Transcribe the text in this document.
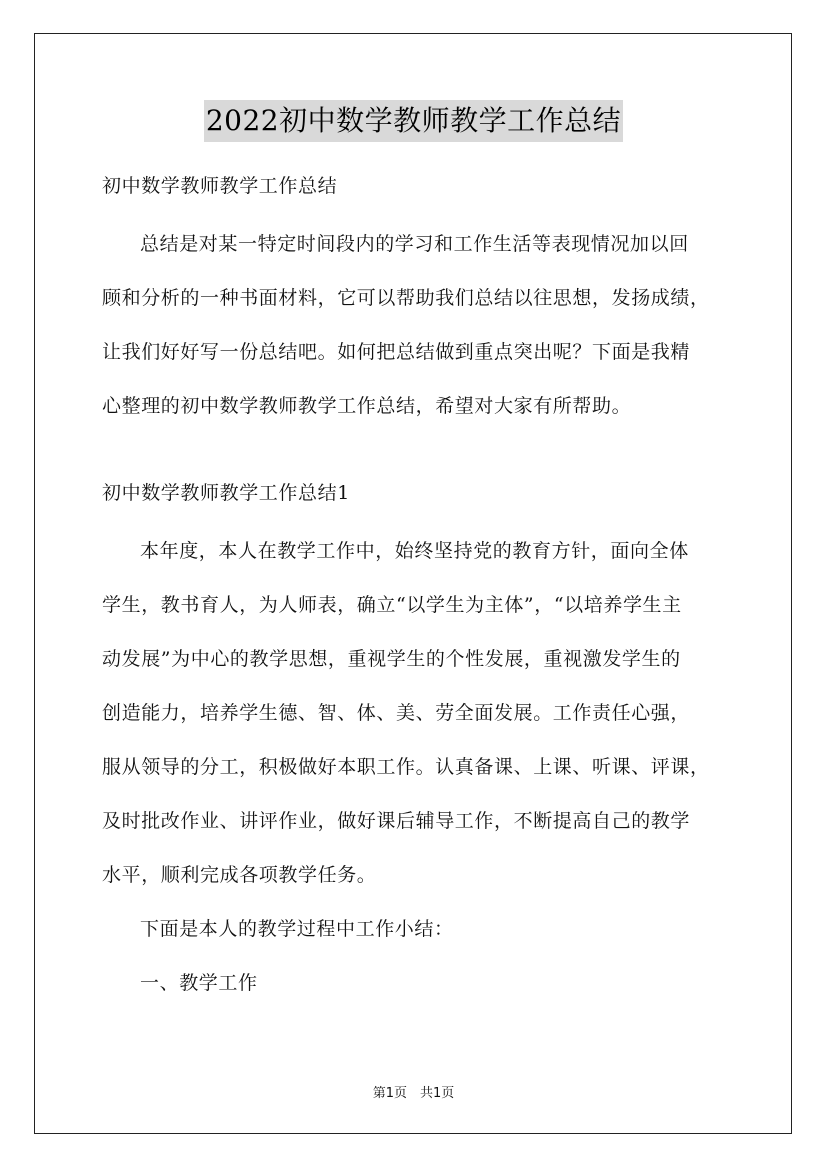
2022初中数学教师教学工作总结

初中数学教师教学工作总结

总结是对某一特定时间段内的学习和工作生活等表现情况加以回

顾和分析的一种书面材料，它可以帮助我们总结以往思想，发扬成绩，

让我们好好写一份总结吧。如何把总结做到重点突出呢？下面是我精

心整理的初中数学教师教学工作总结，希望对大家有所帮助。

初中数学教师教学工作总结1

本年度，本人在教学工作中，始终坚持党的教育方针，面向全体

学生，教书育人，为人师表，确立“以学生为主体”，“以培养学生主

动发展”为中心的教学思想，重视学生的个性发展，重视激发学生的

创造能力，培养学生德、智、体、美、劳全面发展。工作责任心强，

服从领导的分工，积极做好本职工作。认真备课、上课、听课、评课，

及时批改作业、讲评作业，做好课后辅导工作，不断提高自己的教学

水平，顺利完成各项教学任务。

下面是本人的教学过程中工作小结：

一、教学工作

第1页　共1页
